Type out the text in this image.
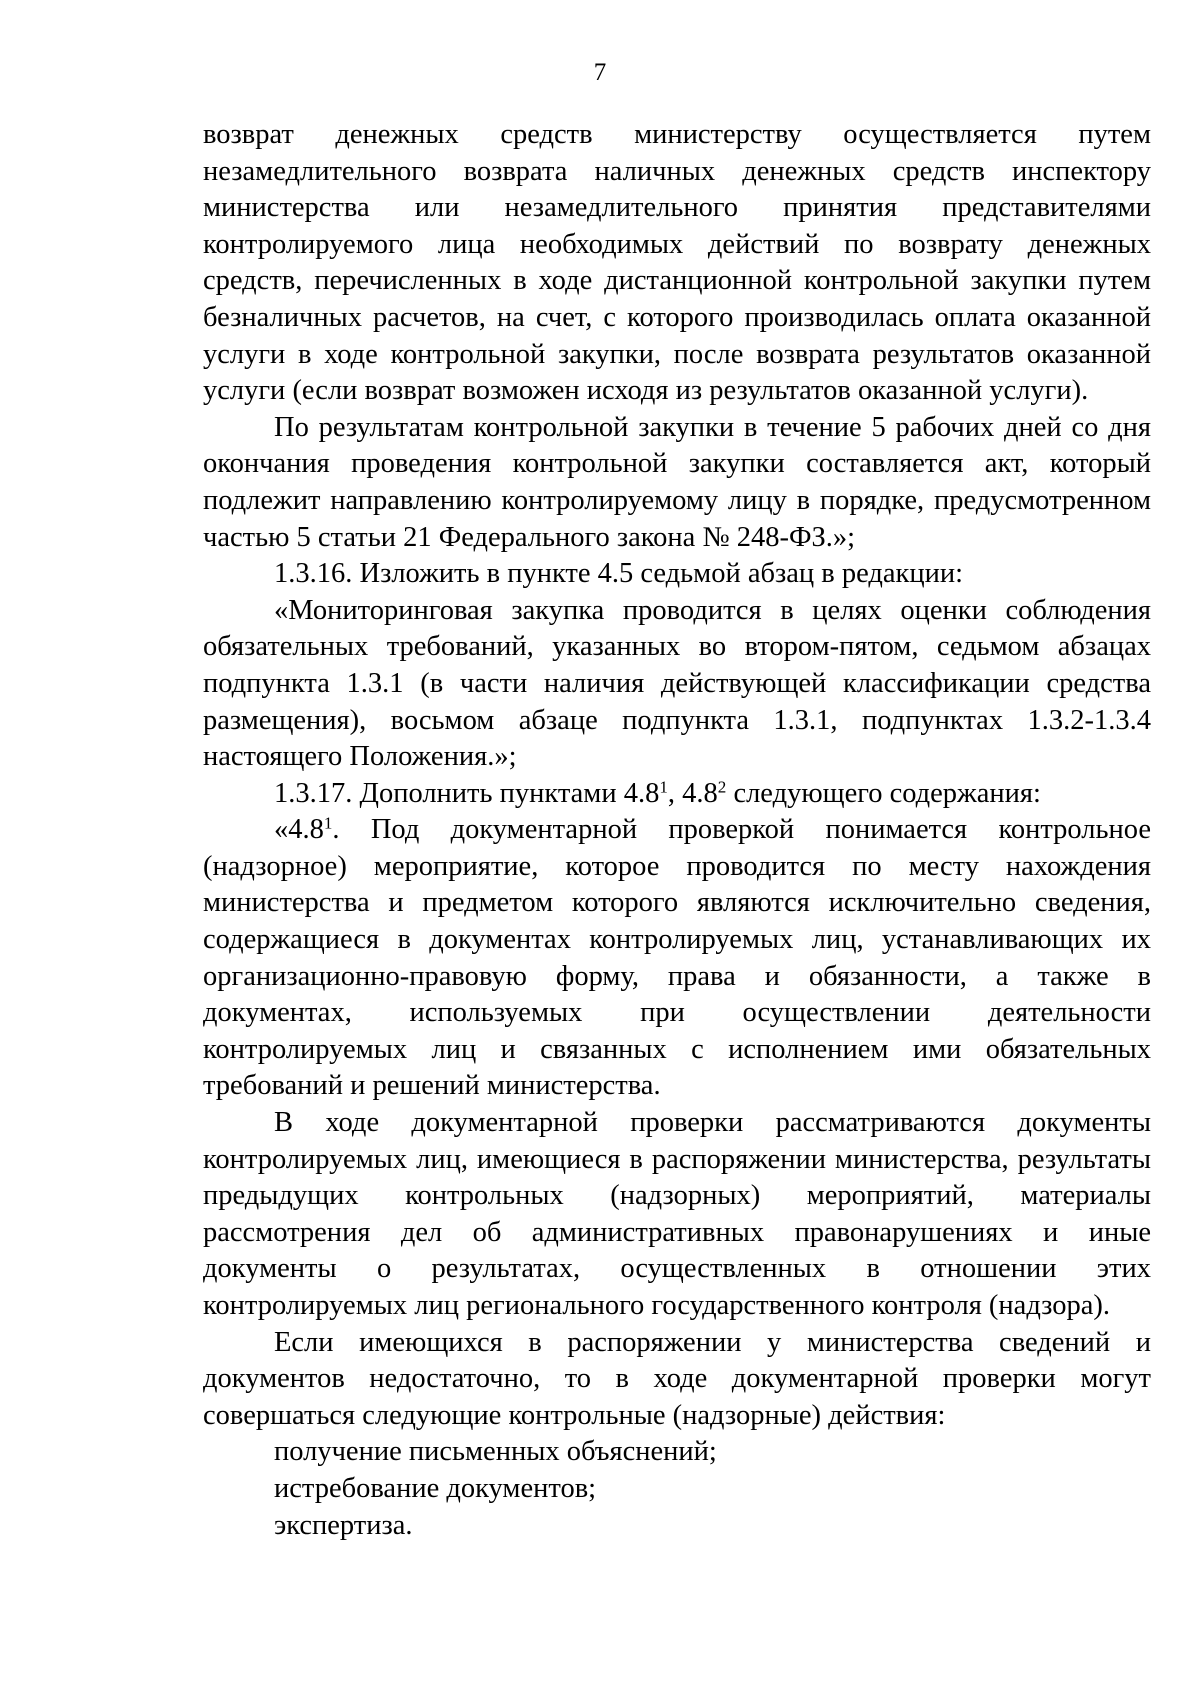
7

возврат денежных средств министерству осуществляется путем незамедлительного возврата наличных денежных средств инспектору министерства или незамедлительного принятия представителями контролируемого лица необходимых действий по возврату денежных средств, перечисленных в ходе дистанционной контрольной закупки путем безналичных расчетов, на счет, с которого производилась оплата оказанной услуги в ходе контрольной закупки, после возврата результатов оказанной услуги (если возврат возможен исходя из результатов оказанной услуги).

По результатам контрольной закупки в течение 5 рабочих дней со дня окончания проведения контрольной закупки составляется акт, который подлежит направлению контролируемому лицу в порядке, предусмотренном частью 5 статьи 21 Федерального закона № 248-ФЗ.»;

1.3.16. Изложить в пункте 4.5 седьмой абзац в редакции:

«Мониторинговая закупка проводится в целях оценки соблюдения обязательных требований, указанных во втором-пятом, седьмом абзацах подпункта 1.3.1 (в части наличия действующей классификации средства размещения), восьмом абзаце подпункта 1.3.1, подпунктах 1.3.2-1.3.4 настоящего Положения.»;

1.3.17. Дополнить пунктами $4.8^1$, $4.8^2$ следующего содержания:

«$4.8^1$. Под документарной проверкой понимается контрольное (надзорное) мероприятие, которое проводится по месту нахождения министерства и предметом которого являются исключительно сведения, содержащиеся в документах контролируемых лиц, устанавливающих их организационно-правовую форму, права и обязанности, а также в документах, используемых при осуществлении деятельности контролируемых лиц и связанных с исполнением ими обязательных требований и решений министерства.

В ходе документарной проверки рассматриваются документы контролируемых лиц, имеющиеся в распоряжении министерства, результаты предыдущих контрольных (надзорных) мероприятий, материалы рассмотрения дел об административных правонарушениях и иные документы о результатах, осуществленных в отношении этих контролируемых лиц регионального государственного контроля (надзора).

Если имеющихся в распоряжении у министерства сведений и документов недостаточно, то в ходе документарной проверки могут совершаться следующие контрольные (надзорные) действия:

получение письменных объяснений;

истребование документов;

экспертиза.
